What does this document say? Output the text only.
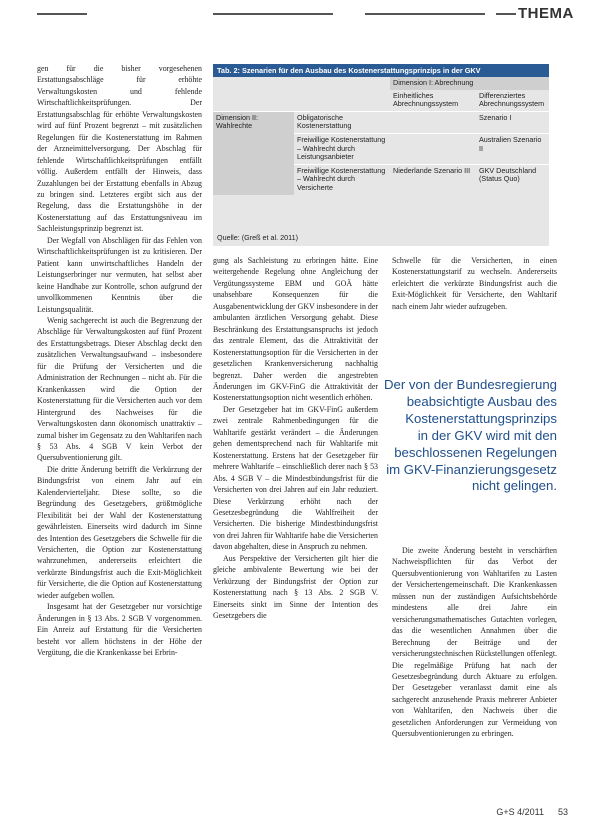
THEMA
Tab. 2: Szenarien für den Ausbau des Kostenerstattungsprinzips in der GKV
		Dimension I: Abrechnung	
		Einheitliches Abrechnungssystem	Differenziertes Abrechnungssystem
Dimension II: Wahlrechte	Obligatorische Kostenerstattung		Szenario I
	Freiwillige Kostenerstattung – Wahlrecht durch Leistungsanbieter		Australien Szenario II
	Freiwillige Kostenerstattung – Wahlrecht durch Versicherte	Niederlande Szenario III	GKV Deutschland (Status Quo)
Quelle: (Greß et al. 2011)

gen für die bisher vorgesehenen Erstattungsabschläge für erhöhte Verwaltungskosten und fehlende Wirtschaftlichkeitsprüfungen. Der Erstattungsabschlag für erhöhte Verwaltungskosten wird auf fünf Prozent begrenzt – mit zusätzlichen Regelungen für die Kostenerstattung im Rahmen der Arzneimittelversorgung. Der Abschlag für fehlende Wirtschaftlichkeitsprüfungen entfällt völlig. Außerdem entfällt der Hinweis, dass Zuzahlungen bei der Erstattung ebenfalls in Abzug zu bringen sind. Letzteres ergibt sich aus der Regelung, dass die Erstattungshöhe in der Kostenerstattung auf das Erstattungsniveau im Sachleistungsprinzip begrenzt ist.

Der Wegfall von Abschlägen für das Fehlen von Wirtschaftlichkeitsprüfungen ist zu kritisieren. Der Patient kann unwirtschaftliches Handeln der Leistungserbringer nur vermuten, hat selbst aber keine Handhabe zur Kontrolle, schon aufgrund der unvollkommenen Kenntnis über die Leistungsqualität.

Wenig sachgerecht ist auch die Begrenzung der Abschläge für Verwaltungskosten auf fünf Prozent des Erstattungsbetrags. Dieser Abschlag deckt den zusätzlichen Verwaltungsaufwand – insbesondere für die Prüfung der Versicherten und die Administration der Rechnungen – nicht ab. Für die Krankenkassen wird die Option der Kostenerstattung für die Versicherten auch vor dem Hintergrund des Nachweises für die Verwaltungskosten dann ökonomisch unattraktiv – zumal bisher im Gegensatz zu den Wahltarifen nach § 53 Abs. 4 SGB V kein Verbot der Quersubventionierung gilt.

Die dritte Änderung betrifft die Verkürzung der Bindungsfrist von einem Jahr auf ein Kalendervierteljahr. Diese sollte, so die Begründung des Gesetzgebers, größtmögliche Flexibilität bei der Wahl der Kostenerstattung gewährleisten. Einerseits wird dadurch im Sinne des Intention des Gesetzgebers die Schwelle für die Versicherten, die Option zur Kostenerstattung wahrzunehmen, andererseits erleichtert die verkürzte Bindungsfrist auch die Exit-Möglichkeit für Versicherte, die die Option auf Kostenerstattung wieder aufgeben wollen.

Insgesamt hat der Gesetzgeber nur vorsichtige Änderungen in § 13 Abs. 2 SGB V vorgenommen. Ein Anreiz auf Erstattung für die Versicherten besteht vor allem höchstens in der Höhe der Vergütung, die die Krankenkasse bei Erbrin-

gung als Sachleistung zu erbringen hätte. Eine weitergehende Regelung ohne Angleichung der Vergütungssysteme EBM und GOÄ hätte unabsehbare Konsequenzen für die Ausgabenentwicklung der GKV insbesondere in der ambulanten ärztlichen Versorgung gehabt. Diese Beschränkung des Erstattungsanspruchs ist jedoch das zentrale Element, das die Attraktivität der Kostenerstattungsoption für die Versicherten in der gesetzlichen Krankenversicherung nachhaltig begrenzt. Daher werden die angestrebten Änderungen im GKV-FinG die Attraktivität der Kostenerstattungsoption nicht wesentlich erhöhen.

Der Gesetzgeber hat im GKV-FinG außerdem zwei zentrale Rahmenbedingungen für die Wahltarife gestärkt verändert – die Änderungen gehen dementsprechend nach für Wahltarife mit Kostenerstattung. Erstens hat der Gesetzgeber für mehrere Wahltarife – einschließlich derer nach § 53 Abs. 4 SGB V – die Mindestbindungsfrist für die Versicherten von drei Jahren auf ein Jahr reduziert. Diese Verkürzung erhöht nach der Gesetzesbegründung die Wahlfreiheit der Versicherten. Die bisherige Mindestbindungsfrist von drei Jahren für Wahltarife habe die Versicherten davon abgehalten, diese in Anspruch zu nehmen.

Aus Perspektive der Versicherten gilt hier die gleiche ambivalente Bewertung wie bei der Verkürzung der Bindungsfrist der Option zur Kostenerstattung nach § 13 Abs. 2 SGB V. Einerseits sinkt im Sinne der Intention des Gesetzgebers die

Schwelle für die Versicherten, in einen Kostenerstattungstarif zu wechseln. Andererseits erleichtert die verkürzte Bindungsfrist auch die Exit-Möglichkeit für Versicherte, den Wahltarif nach einem Jahr wieder aufzugeben.

Der von der Bundesregierung
beabsichtigte Ausbau des
Kostenerstattungsprinzips
in der GKV wird mit den
beschlossenen Regelungen
im GKV-Finanzierungsgesetz
nicht gelingen.

Die zweite Änderung besteht in verschärften Nachweispflichten für das Verbot der Quersubventionierung von Wahltarifen zu Lasten der Versichertengemeinschaft. Die Krankenkassen müssen nun der zuständigen Aufsichtsbehörde mindestens alle drei Jahre ein versicherungsmathematisches Gutachten vorlegen, das die wesentlichen Annahmen über die Berechnung der Beiträge und der versicherungstechnischen Rückstellungen offenlegt. Die regelmäßige Prüfung hat nach der Gesetzesbegründung durch Aktuare zu erfolgen. Der Gesetzgeber veranlasst damit eine als sachgerecht anzusehende Praxis mehrerer Anbieter von Wahltarifen, den Nachweis über die gesetzlichen Anforderungen zur Vermeidung von Quersubventionierungen zu erbringen.

G+S 4/2011 53
